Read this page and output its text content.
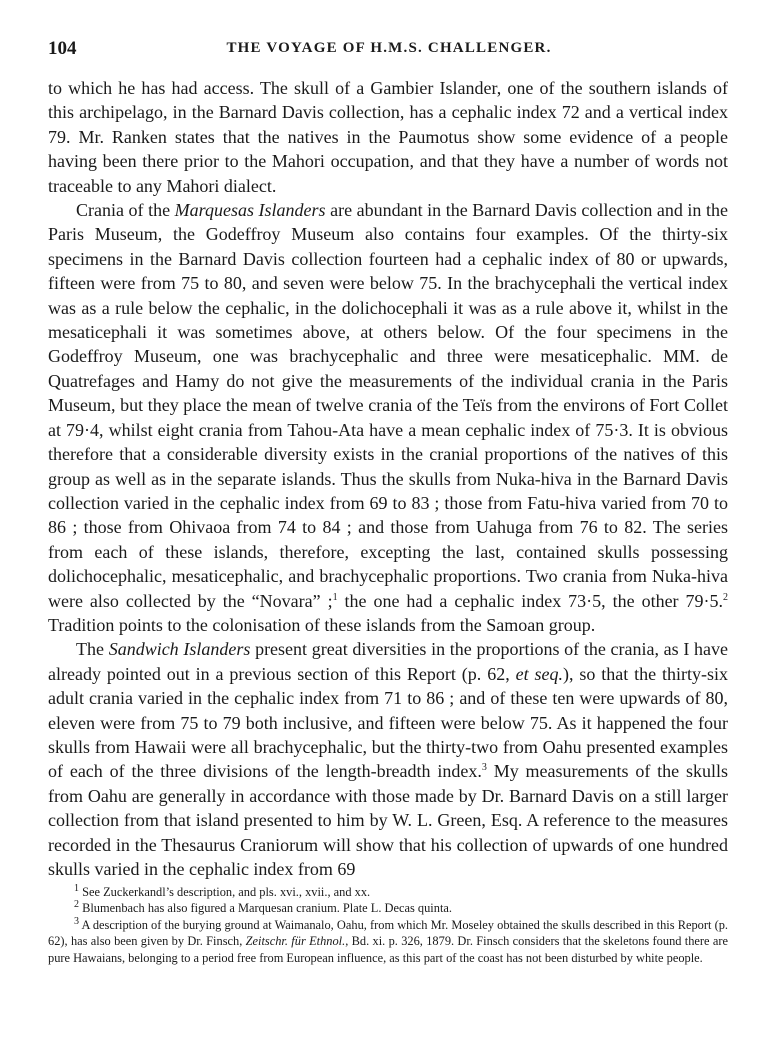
104	THE VOYAGE OF H.M.S. CHALLENGER.

to which he has had access. The skull of a Gambier Islander, one of the southern islands of this archipelago, in the Barnard Davis collection, has a cephalic index 72 and a vertical index 79. Mr. Ranken states that the natives in the Paumotus show some evidence of a people having been there prior to the Mahori occupation, and that they have a number of words not traceable to any Mahori dialect.

Crania of the Marquesas Islanders are abundant in the Barnard Davis collection and in the Paris Museum, the Godeffroy Museum also contains four examples. Of the thirty-six specimens in the Barnard Davis collection fourteen had a cephalic index of 80 or upwards, fifteen were from 75 to 80, and seven were below 75. In the brachycephali the vertical index was as a rule below the cephalic, in the dolichocephali it was as a rule above it, whilst in the mesaticephali it was sometimes above, at others below. Of the four specimens in the Godeffroy Museum, one was brachycephalic and three were mesaticephalic. MM. de Quatrefages and Hamy do not give the measurements of the individual crania in the Paris Museum, but they place the mean of twelve crania of the Teïs from the environs of Fort Collet at 79·4, whilst eight crania from Tahou-Ata have a mean cephalic index of 75·3. It is obvious therefore that a considerable diversity exists in the cranial proportions of the natives of this group as well as in the separate islands. Thus the skulls from Nuka-hiva in the Barnard Davis collection varied in the cephalic index from 69 to 83 ; those from Fatu-hiva varied from 70 to 86 ; those from Ohivaoa from 74 to 84 ; and those from Uahuga from 76 to 82. The series from each of these islands, therefore, excepting the last, contained skulls possessing dolichocephalic, mesaticephalic, and brachycephalic proportions. Two crania from Nuka-hiva were also collected by the “Novara” ;$^1$ the one had a cephalic index 73·5, the other 79·5.$^2$ Tradition points to the colonisation of these islands from the Samoan group.

The Sandwich Islanders present great diversities in the proportions of the crania, as I have already pointed out in a previous section of this Report (p. 62, et seq.), so that the thirty-six adult crania varied in the cephalic index from 71 to 86 ; and of these ten were upwards of 80, eleven were from 75 to 79 both inclusive, and fifteen were below 75. As it happened the four skulls from Hawaii were all brachycephalic, but the thirty-two from Oahu presented examples of each of the three divisions of the length-breadth index.$^3$ My measurements of the skulls from Oahu are generally in accordance with those made by Dr. Barnard Davis on a still larger collection from that island presented to him by W. L. Green, Esq. A reference to the measures recorded in the Thesaurus Craniorum will show that his collection of upwards of one hundred skulls varied in the cephalic index from 69

$^1$ See Zuckerkandl’s description, and pls. xvi., xvii., and xx.

$^2$ Blumenbach has also figured a Marquesan cranium. Plate L. Decas quinta.

$^3$ A description of the burying ground at Waimanalo, Oahu, from which Mr. Moseley obtained the skulls described in this Report (p. 62), has also been given by Dr. Finsch, Zeitschr. für Ethnol., Bd. xi. p. 326, 1879. Dr. Finsch considers that the skeletons found there are pure Hawaians, belonging to a period free from European influence, as this part of the coast has not been disturbed by white people.
